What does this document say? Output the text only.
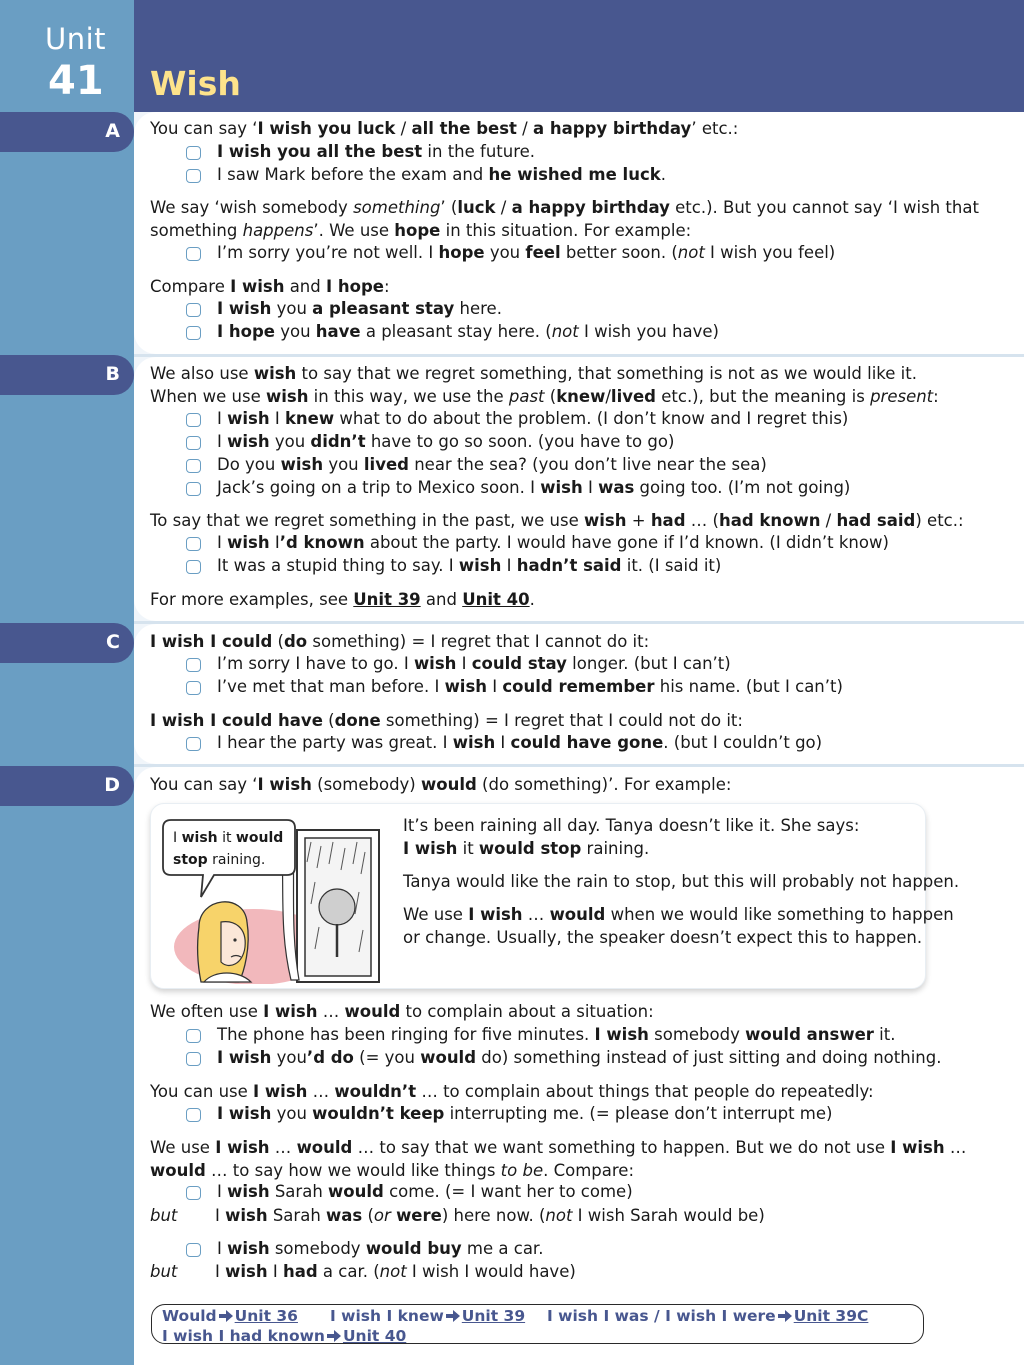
Unit
41 Wish
A
B
C
D
You can say ‘I wish you luck / all the best / a happy birthday’ etc.:
I wish you all the best in the future.
I saw Mark before the exam and he wished me luck.
We say ‘wish somebody something’ (luck / a happy birthday etc.). But you cannot say ‘I wish that
something happens’. We use hope in this situation. For example:
I’m sorry you’re not well. I hope you feel better soon. (not I wish you feel)
Compare I wish and I hope:
I wish you a pleasant stay here.
I hope you have a pleasant stay here. (not I wish you have)
We also use wish to say that we regret something, that something is not as we would like it.
When we use wish in this way, we use the past (knew/lived etc.), but the meaning is present:
I wish I knew what to do about the problem. (I don’t know and I regret this)
I wish you didn’t have to go so soon. (you have to go)
Do you wish you lived near the sea? (you don’t live near the sea)
Jack’s going on a trip to Mexico soon. I wish I was going too. (I’m not going)
To say that we regret something in the past, we use wish + had … (had known / had said) etc.:
I wish I’d known about the party. I would have gone if I’d known. (I didn’t know)
It was a stupid thing to say. I wish I hadn’t said it. (I said it)
For more examples, see Unit 39 and Unit 40.
I wish I could (do something) = I regret that I cannot do it:
I’m sorry I have to go. I wish I could stay longer. (but I can’t)
I’ve met that man before. I wish I could remember his name. (but I can’t)
I wish I could have (done something) = I regret that I could not do it:
I hear the party was great. I wish I could have gone. (but I couldn’t go)
You can say ‘I wish (somebody) would (do something)’. For example:
I wish it would
stop raining.
It’s been raining all day. Tanya doesn’t like it. She says:
I wish it would stop raining.
Tanya would like the rain to stop, but this will probably not happen.
We use I wish … would when we would like something to happen
or change. Usually, the speaker doesn’t expect this to happen.
We often use I wish … would to complain about a situation:
The phone has been ringing for five minutes. I wish somebody would answer it.
I wish you’d do (= you would do) something instead of just sitting and doing nothing.
You can use I wish … wouldn’t … to complain about things that people do repeatedly:
I wish you wouldn’t keep interrupting me. (= please don’t interrupt me)
We use I wish … would … to say that we want something to happen. But we do not use I wish …
would … to say how we would like things to be. Compare:
I wish Sarah would come. (= I want her to come)
but I wish Sarah was (or were) here now. (not I wish Sarah would be)
I wish somebody would buy me a car.
but I wish I had a car. (not I wish I would have)
Would Unit 36 I wish I knew Unit 39 I wish I was / I wish I were Unit 39C
I wish I had known Unit 40
